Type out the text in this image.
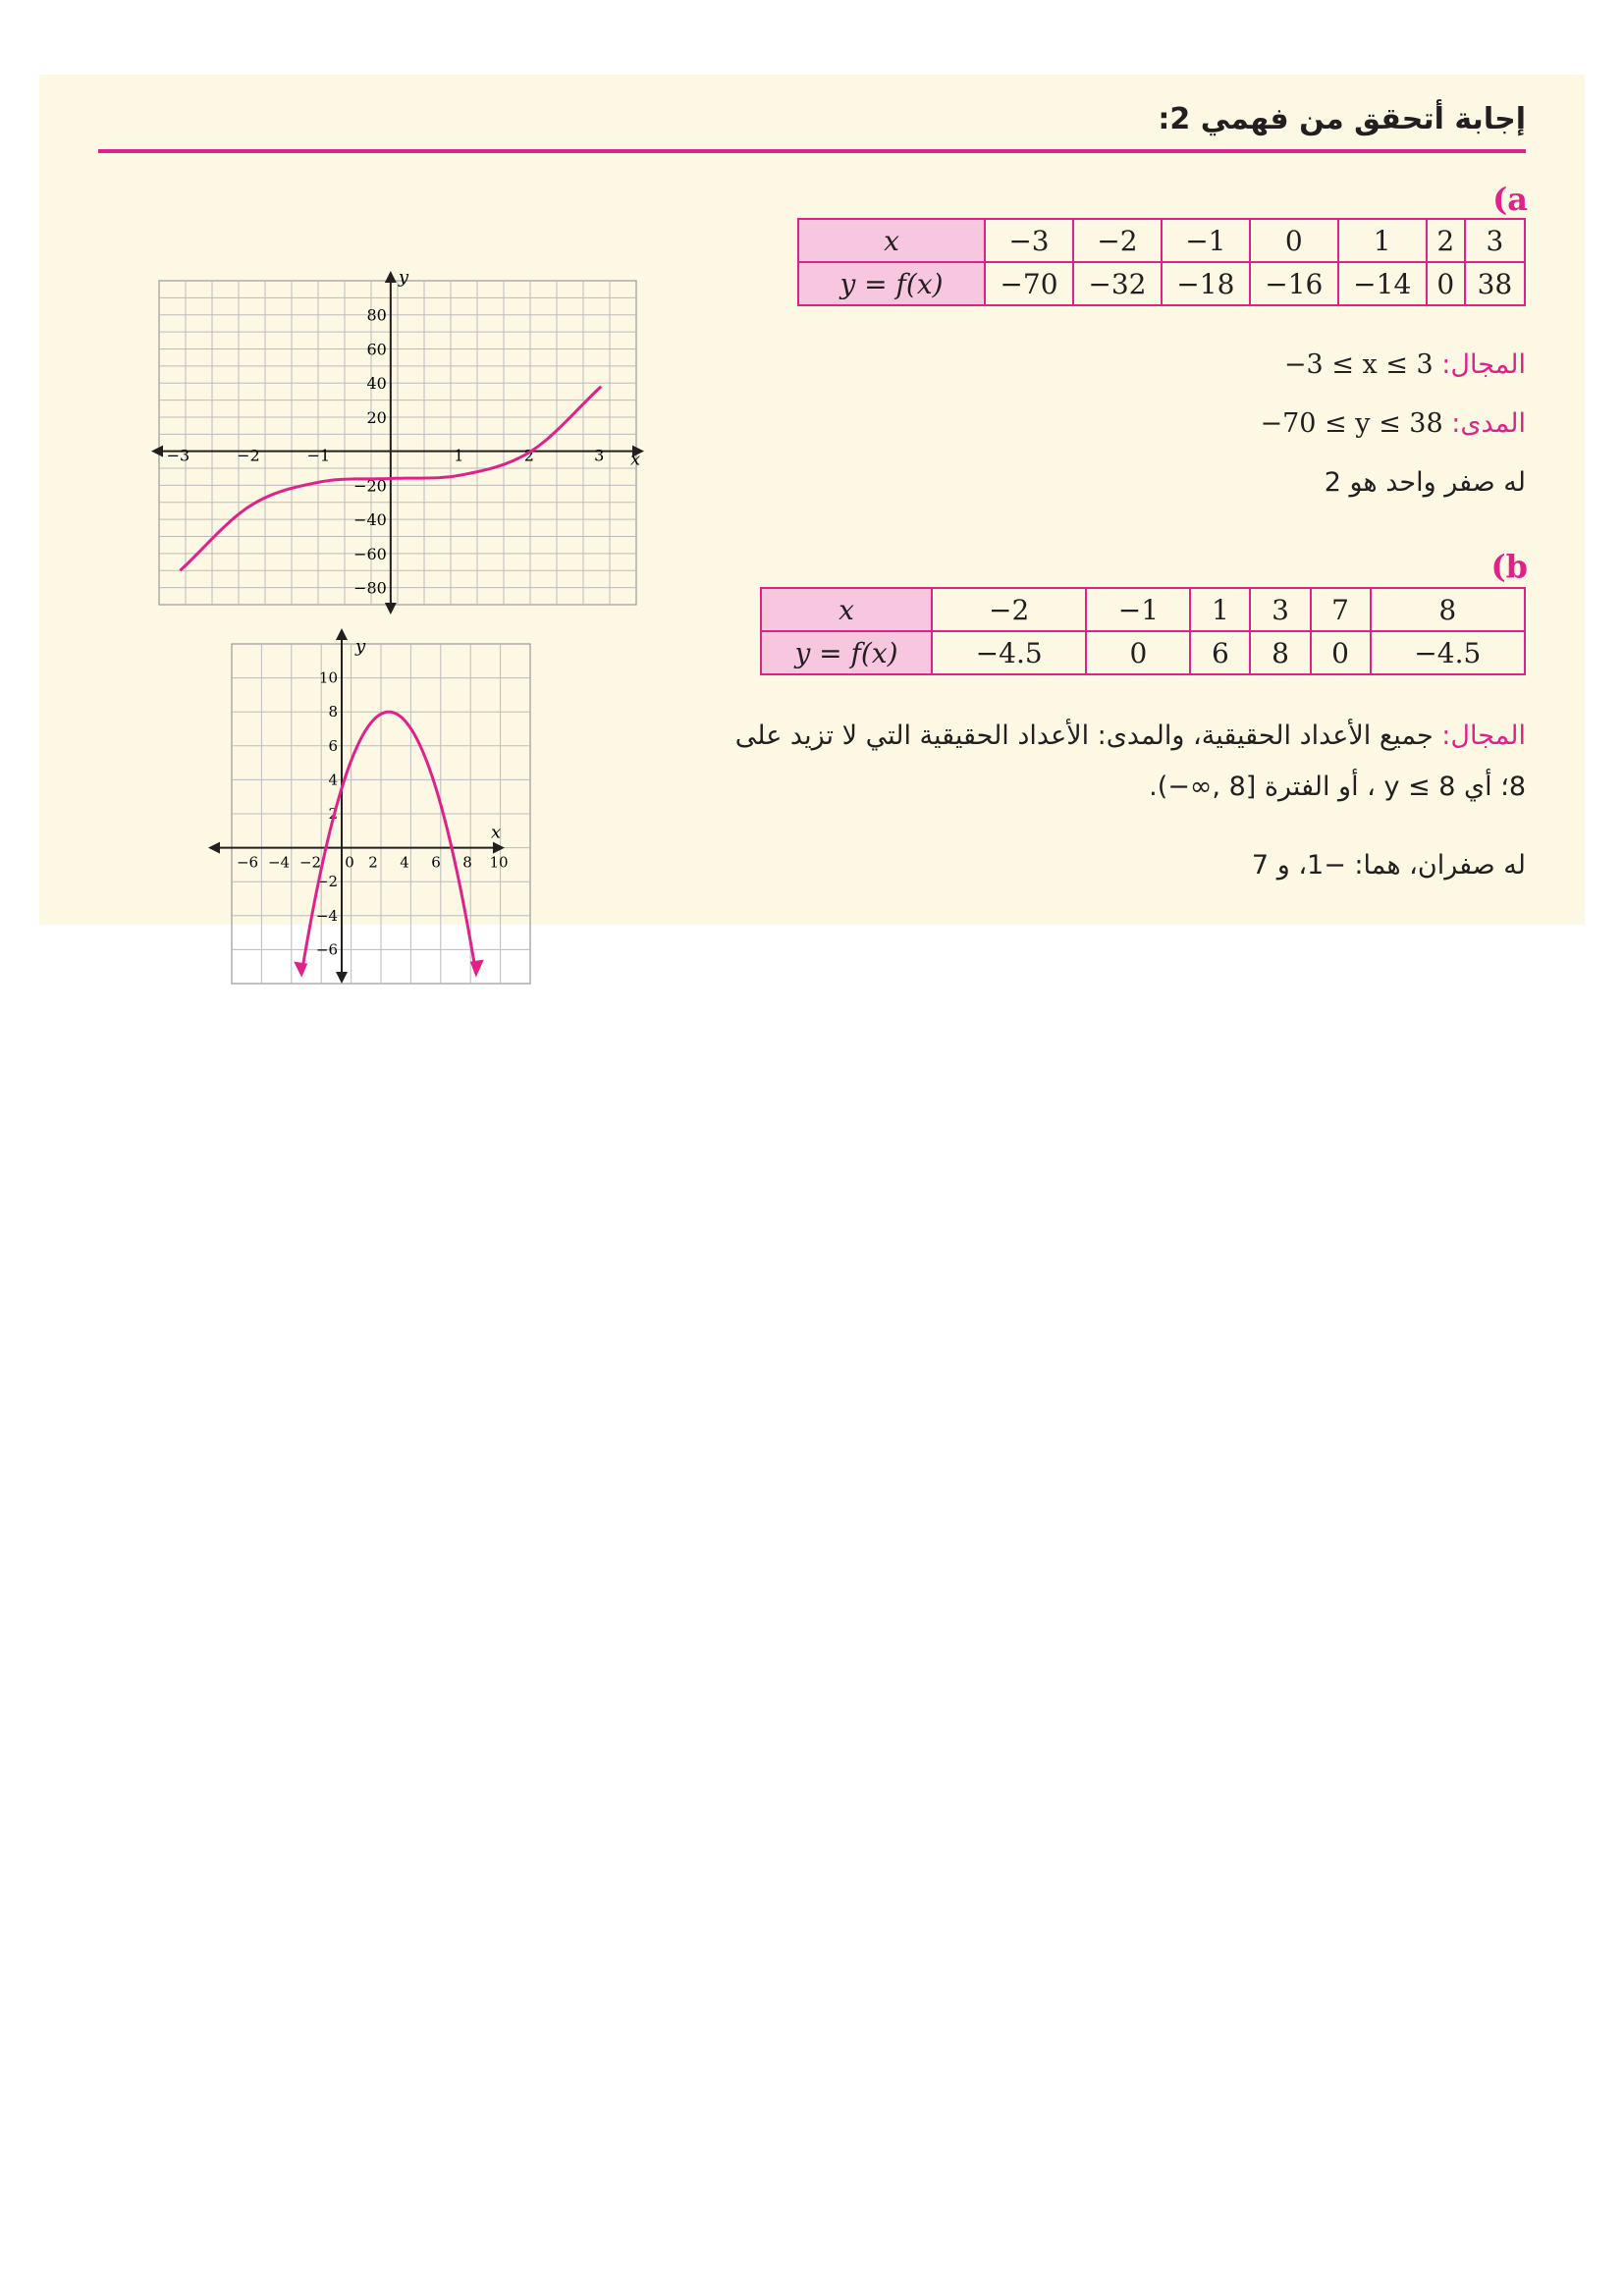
إجابة أتحقق من فهمي 2:
(a
x	−3	−2	−1	0	1	2	3
y = f(x)	−70	−32	−18	−16	−14	0	38
المجال: −3 ≤ x ≤ 3
المدى: −70 ≤ y ≤ 38
له صفر واحد هو 2
(b
x	−2	−1	1	3	7	8
y = f(x)	−4.5	0	6	8	0	−4.5
المجال: جميع الأعداد الحقيقية، والمدى: الأعداد الحقيقية التي لا تزيد على
8؛ أي y ≤ 8 ، أو الفترة [8 ,∞−).
له صفران، هما: −1، و 7
−3	−2	−1	1	2	3
80
60
40
20
−20
−40
−60
−80
x
y
−6 −4 −2 0 2 4 6 8 10
10
8
6
4
2
−2
−4
−6
x
y
